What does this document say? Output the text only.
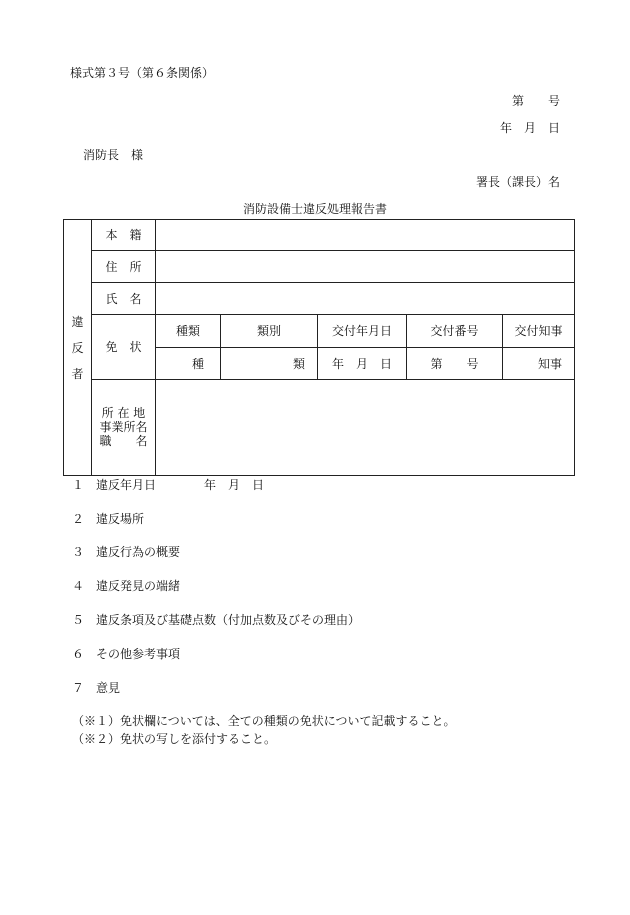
様式第３号（第６条関係）
第　　号
年　月　日
消防長　様
署長（課長）名
消防設備士違反処理報告書
違
反
者	本　籍					
	住　所					
	氏　名					
	免　状	種類	類別	交付年月日	交付番号	交付知事
		種	類	年　月　日	第　　号	知事

	所 在 地
事業所名
職　　名					

１ 違反年月日	年　月　日
２ 違反場所
３ 違反行為の概要
４ 違反発見の端緒
５ 違反条項及び基礎点数（付加点数及びその理由）
６ その他参考事項
７ 意見
（※１）免状欄については、全ての種類の免状について記載すること。
（※２）免状の写しを添付すること。
